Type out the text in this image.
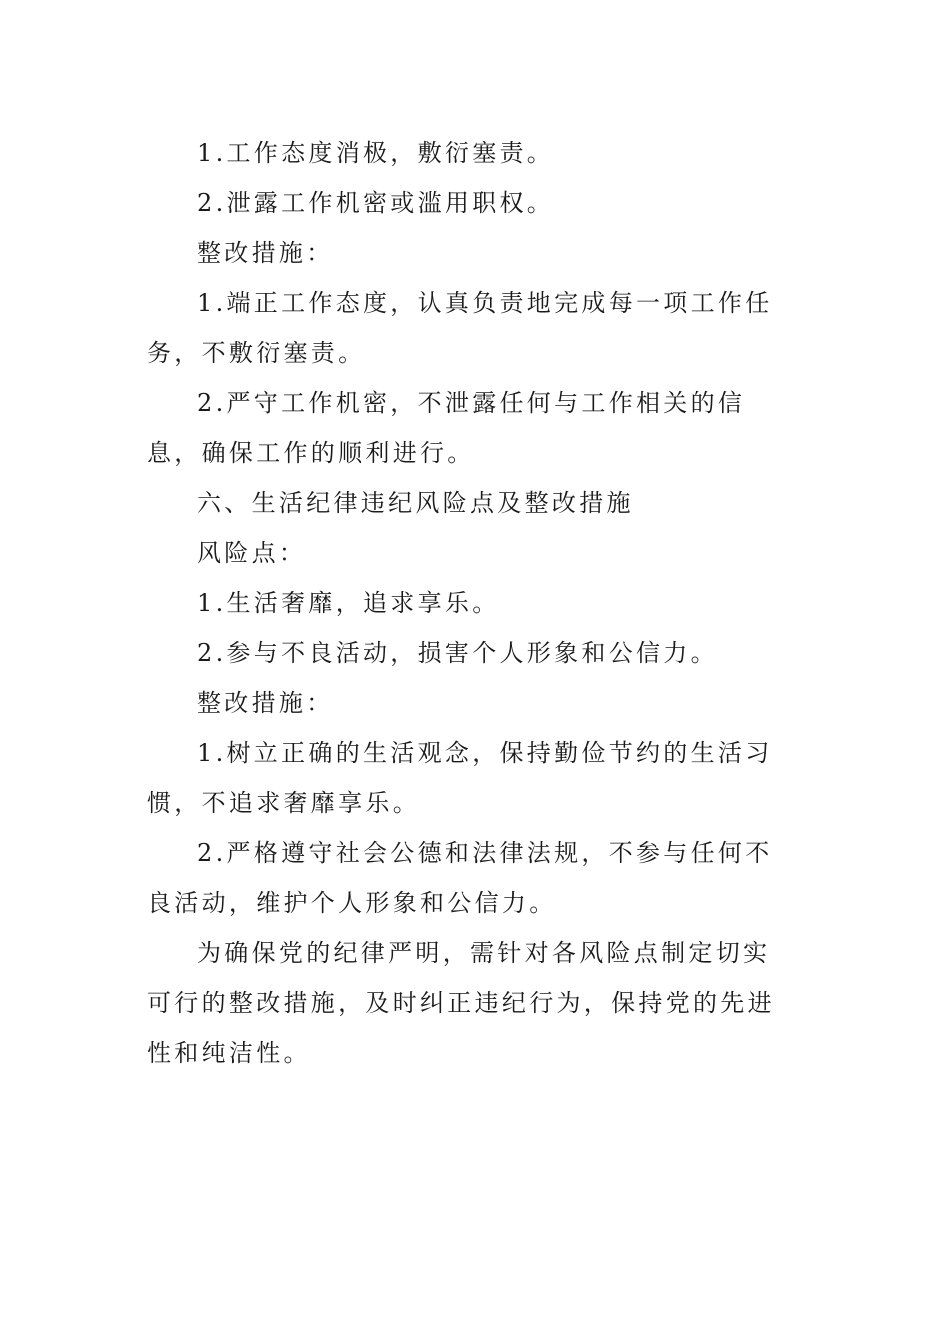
1.工作态度消极，敷衍塞责。

2.泄露工作机密或滥用职权。

整改措施：

1.端正工作态度，认真负责地完成每一项工作任务，不敷衍塞责。

2.严守工作机密，不泄露任何与工作相关的信息，确保工作的顺利进行。

六、生活纪律违纪风险点及整改措施

风险点：

1.生活奢靡，追求享乐。

2.参与不良活动，损害个人形象和公信力。

整改措施：

1.树立正确的生活观念，保持勤俭节约的生活习惯，不追求奢靡享乐。

2.严格遵守社会公德和法律法规，不参与任何不良活动，维护个人形象和公信力。

为确保党的纪律严明，需针对各风险点制定切实可行的整改措施，及时纠正违纪行为，保持党的先进性和纯洁性。
